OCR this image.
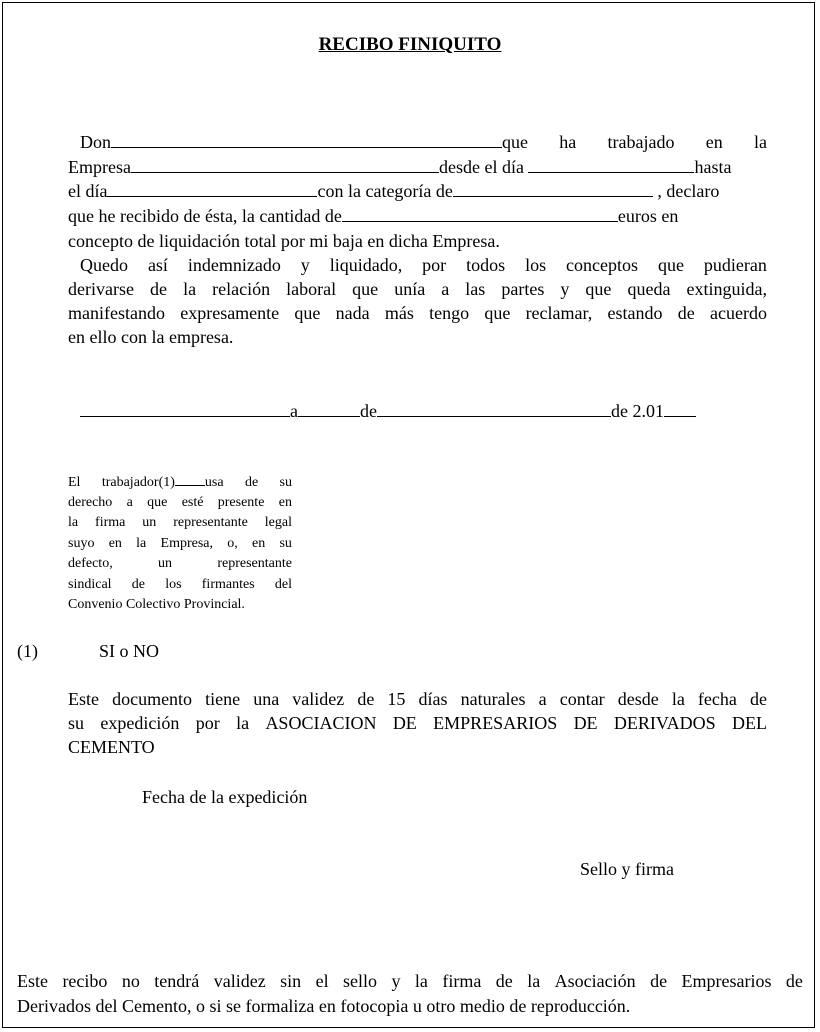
RECIBO FINIQUITO
Don	que ha trabajado en la
Empresa	desde el día	hasta
el día	con la categoría de	, declaro
que he recibido de ésta, la cantidad de	euros en
concepto de liquidación total por mi baja en dicha Empresa.
Quedo así indemnizado y liquidado, por todos los conceptos que pudieran
derivarse de la relación laboral que unía a las partes y que queda extinguida,
manifestando expresamente que nada más tengo que reclamar, estando de acuerdo
en ello con la empresa.
a	de	de 2.01
El trabajador(1) usa de su
derecho a que esté presente en
la firma un representante legal
suyo en la Empresa, o, en su
defecto,	un	representante
sindical de los firmantes del
Convenio Colectivo Provincial.
(1)	SI o NO
Este documento tiene una validez de 15 días naturales a contar desde la fecha de
su expedición por la ASOCIACION DE EMPRESARIOS DE DERIVADOS DEL
CEMENTO
Fecha de la expedición
Sello y firma
Este recibo no tendrá validez sin el sello y la firma de la Asociación de Empresarios de
Derivados del Cemento, o si se formaliza en fotocopia u otro medio de reproducción.
